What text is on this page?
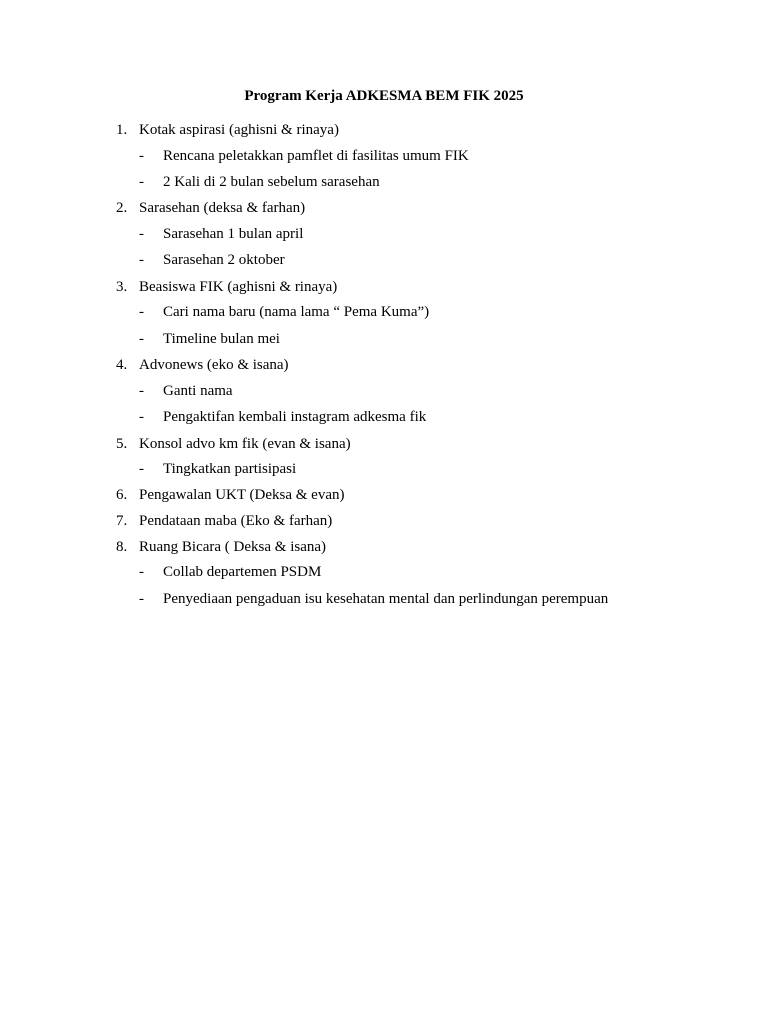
Program Kerja ADKESMA BEM FIK 2025
1. Kotak aspirasi (aghisni & rinaya)
- Rencana peletakkan pamflet di fasilitas umum FIK
- 2 Kali di 2 bulan sebelum sarasehan
2. Sarasehan (deksa & farhan)
- Sarasehan 1 bulan april
- Sarasehan 2 oktober
3. Beasiswa FIK (aghisni & rinaya)
- Cari nama baru (nama lama “ Pema Kuma”)
- Timeline bulan mei
4. Advonews (eko & isana)
- Ganti nama
- Pengaktifan kembali instagram adkesma fik
5. Konsol advo km fik (evan & isana)
- Tingkatkan partisipasi
6. Pengawalan UKT (Deksa & evan)
7. Pendataan maba (Eko & farhan)
8. Ruang Bicara ( Deksa & isana)
- Collab departemen PSDM
- Penyediaan pengaduan isu kesehatan mental dan perlindungan perempuan
